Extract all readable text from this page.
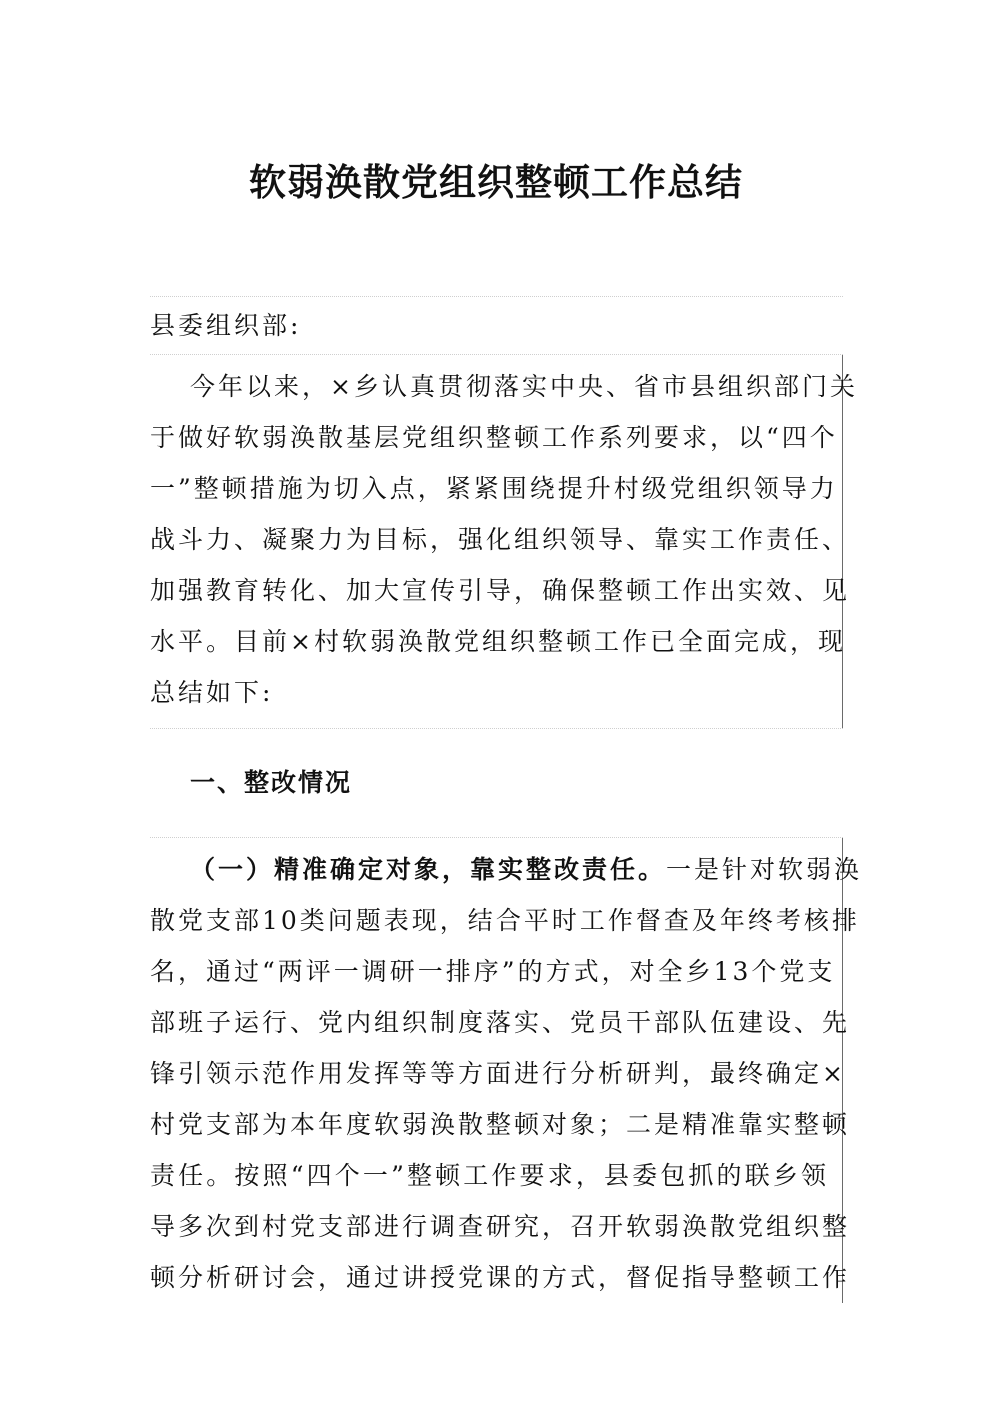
软弱涣散党组织整顿工作总结

县委组织部:

今年以来，×乡认真贯彻落实中央、省市县组织部门关
于做好软弱涣散基层党组织整顿工作系列要求，以“四个
一”整顿措施为切入点，紧紧围绕提升村级党组织领导力
战斗力、凝聚力为目标，强化组织领导、靠实工作责任、
加强教育转化、加大宣传引导，确保整顿工作出实效、见
水平。目前×村软弱涣散党组织整顿工作已全面完成，现
总结如下:

一、整改情况

（一）精准确定对象，靠实整改责任。一是针对软弱涣
散党支部10类问题表现，结合平时工作督查及年终考核排
名，通过“两评一调研一排序”的方式，对全乡13个党支
部班子运行、党内组织制度落实、党员干部队伍建设、先
锋引领示范作用发挥等等方面进行分析研判，最终确定×
村党支部为本年度软弱涣散整顿对象；二是精准靠实整顿
责任。按照“四个一”整顿工作要求，县委包抓的联乡领
导多次到村党支部进行调查研究，召开软弱涣散党组织整
顿分析研讨会，通过讲授党课的方式，督促指导整顿工作
